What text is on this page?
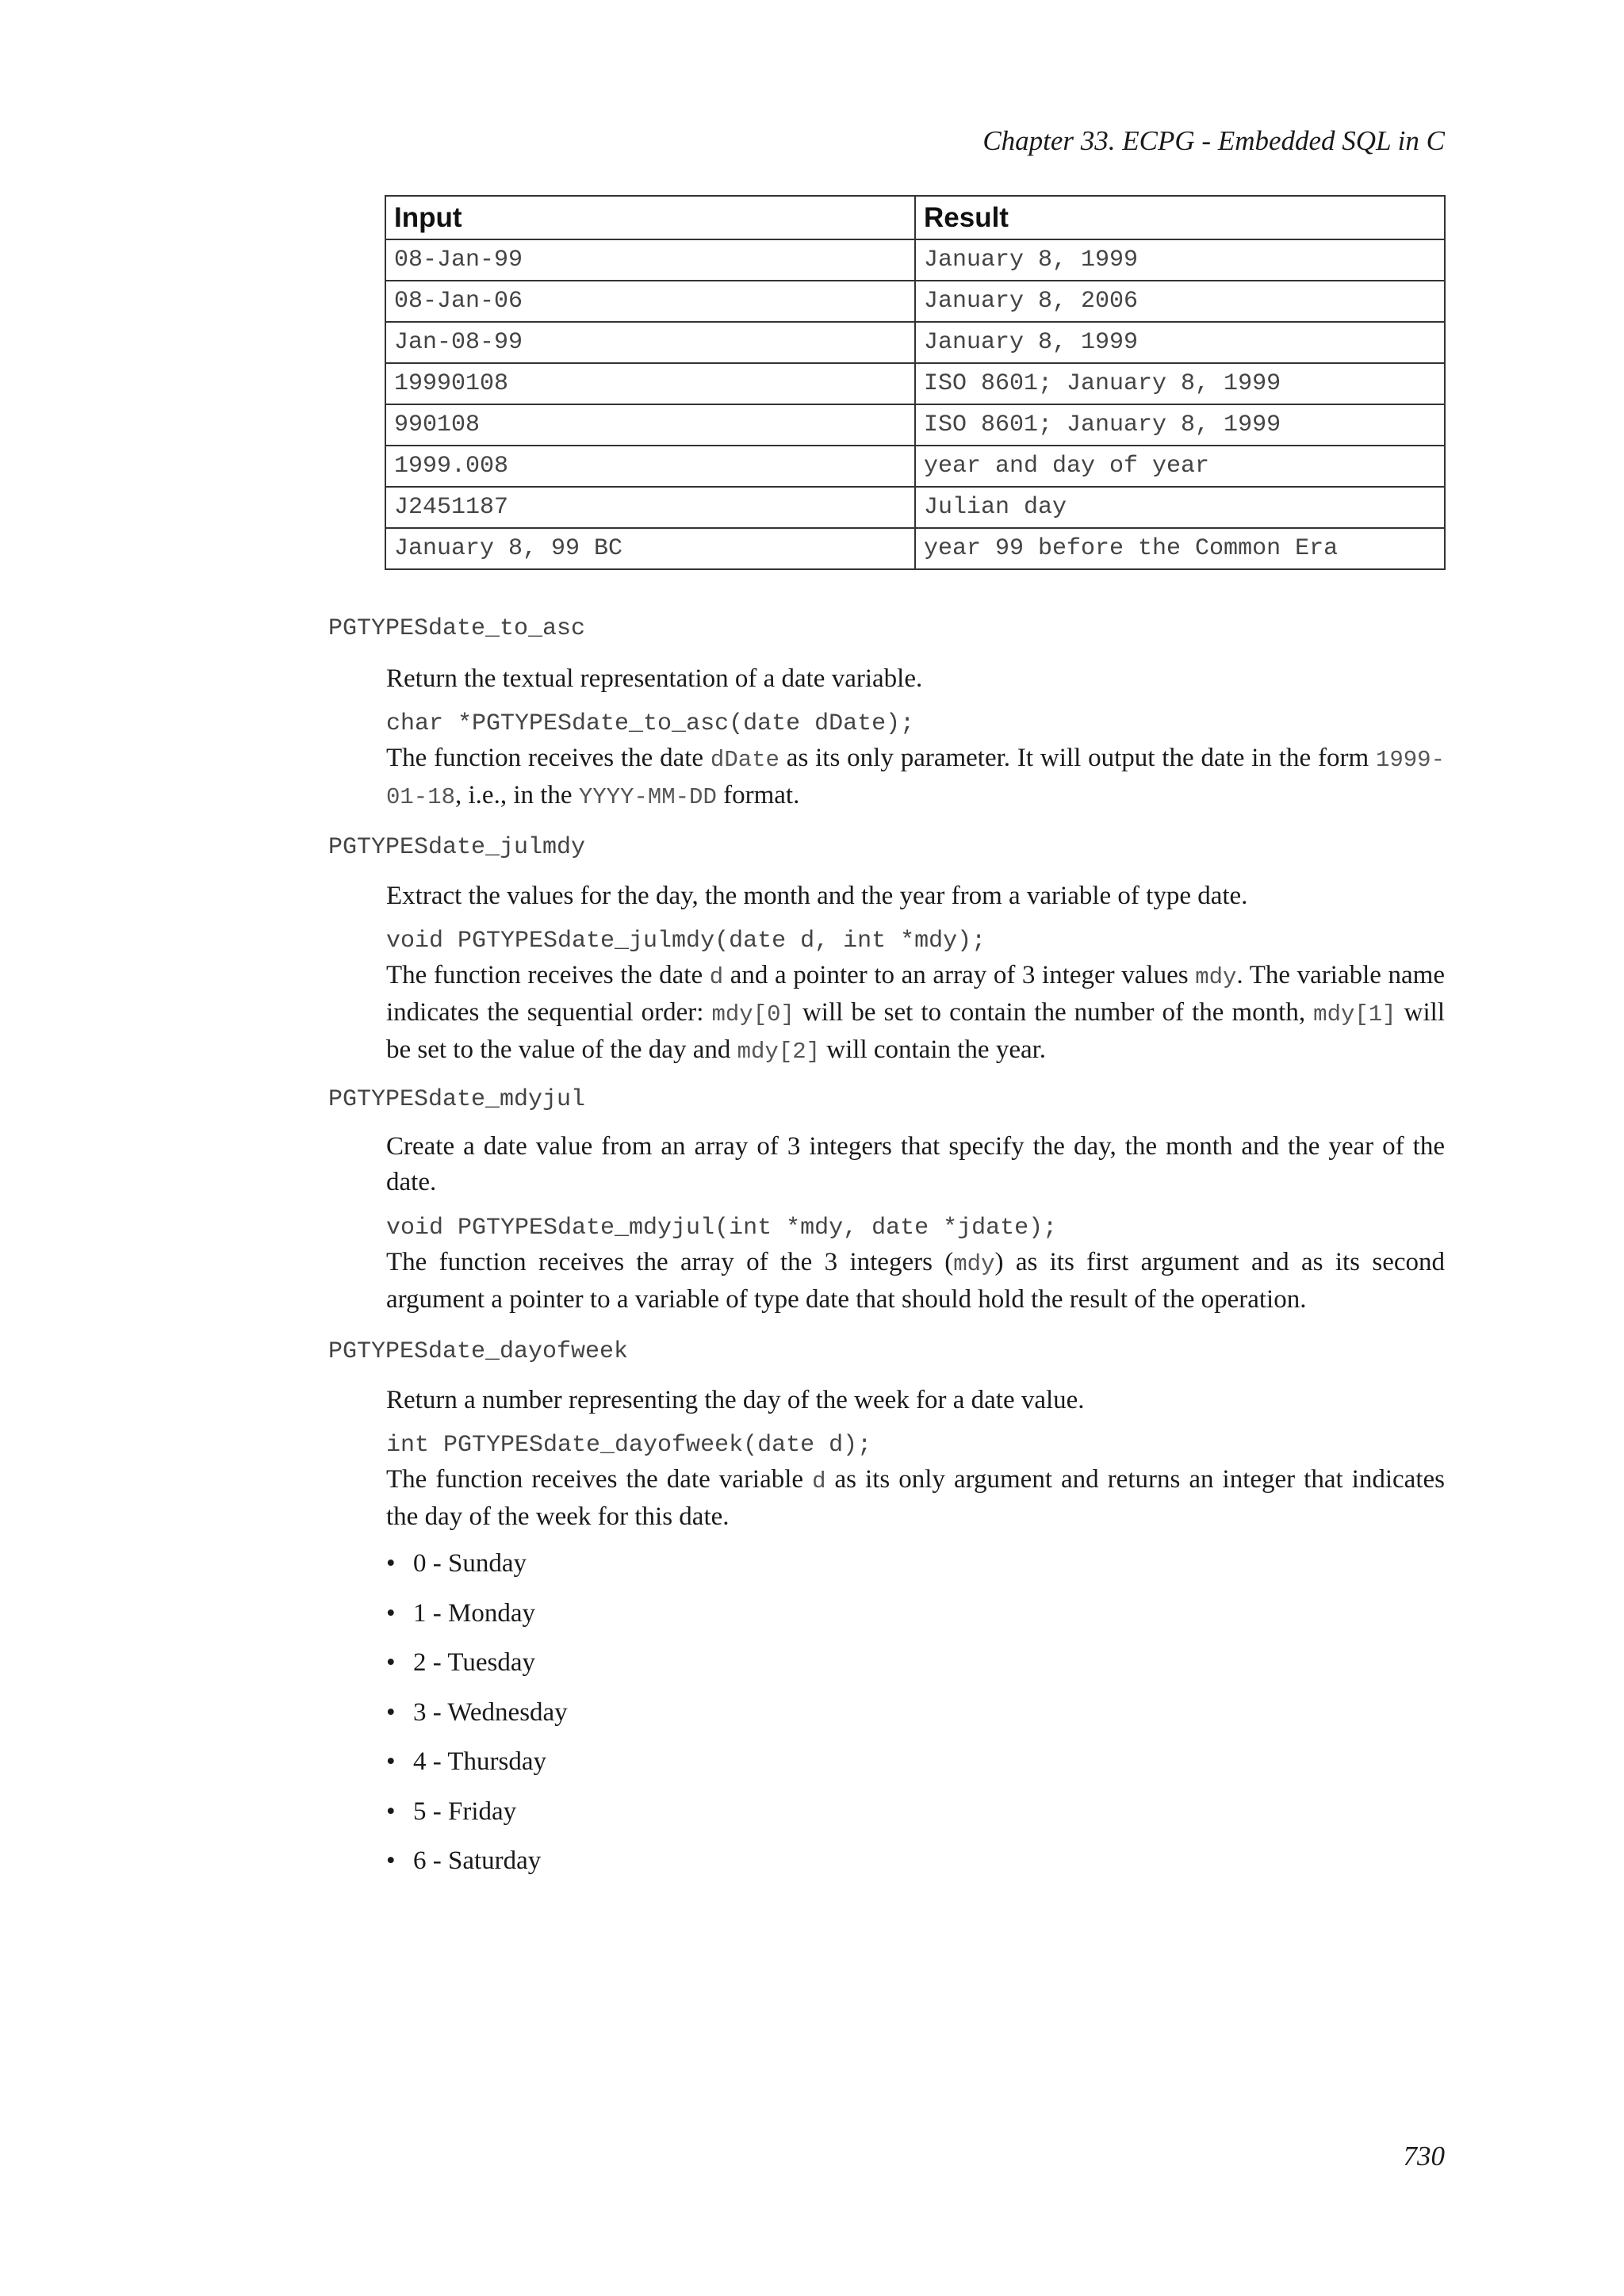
Chapter 33. ECPG - Embedded SQL in C
Input	Result
08-Jan-99	January 8, 1999
08-Jan-06	January 8, 2006
Jan-08-99	January 8, 1999
19990108	ISO 8601; January 8, 1999
990108	ISO 8601; January 8, 1999
1999.008	year and day of year
J2451187	Julian day
January 8, 99 BC	year 99 before the Common Era
PGTYPESdate_to_asc

Return the textual representation of a date variable.

char *PGTYPESdate_to_asc(date dDate);

The function receives the date dDate as its only parameter. It will output the date in the form 1999-01-18, i.e., in the YYYY-MM-DD format.

PGTYPESdate_julmdy

Extract the values for the day, the month and the year from a variable of type date.

void PGTYPESdate_julmdy(date d, int *mdy);

The function receives the date d and a pointer to an array of 3 integer values mdy. The variable name indicates the sequential order: mdy[0] will be set to contain the number of the month, mdy[1] will be set to the value of the day and mdy[2] will contain the year.

PGTYPESdate_mdyjul

Create a date value from an array of 3 integers that specify the day, the month and the year of the date.

void PGTYPESdate_mdyjul(int *mdy, date *jdate);

The function receives the array of the 3 integers (mdy) as its first argument and as its second argument a pointer to a variable of type date that should hold the result of the operation.

PGTYPESdate_dayofweek

Return a number representing the day of the week for a date value.

int PGTYPESdate_dayofweek(date d);

The function receives the date variable d as its only argument and returns an integer that indicates the day of the week for this date.

• 0 - Sunday
• 1 - Monday
• 2 - Tuesday
• 3 - Wednesday
• 4 - Thursday
• 5 - Friday
• 6 - Saturday
730
